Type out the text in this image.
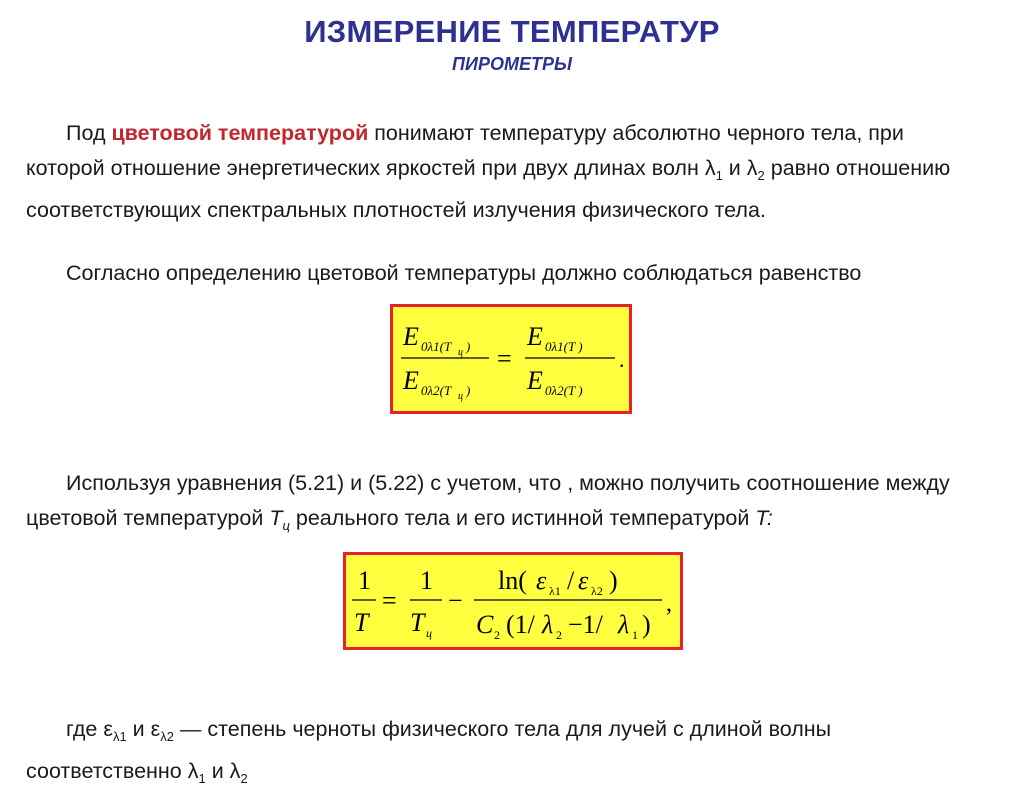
ИЗМЕРЕНИЕ ТЕМПЕРАТУР
ПИРОМЕТРЫ
Под цветовой температурой понимают температуру абсолютно черного тела, при которой отношение энергетических яркостей при двух длинах волн $\lambda_1$ и $\lambda_2$ равно отношению соответствующих спектральных плотностей излучения физического тела.
Согласно определению цветовой температуры должно соблюдаться равенство
E 0λ1(T ц )
E 0λ2(T ц )
=
E 0λ1(T )
E 0λ2(T )
.
Используя уравнения (5.21) и (5.22) с учетом, что , можно получить соотношение между цветовой температурой $T_ц$ реального тела и его истинной температурой T:
1
T
=
1
T ц
−
ln( ε λ1 / ε λ2 )
C 2 (1/ λ 2 −1/ λ 1 )
,
где $\varepsilon_{\lambda 1}$ и $\varepsilon_{\lambda 2}$ — степень черноты физического тела для лучей с длиной волны соответственно $\lambda_1$ и $\lambda_2$
